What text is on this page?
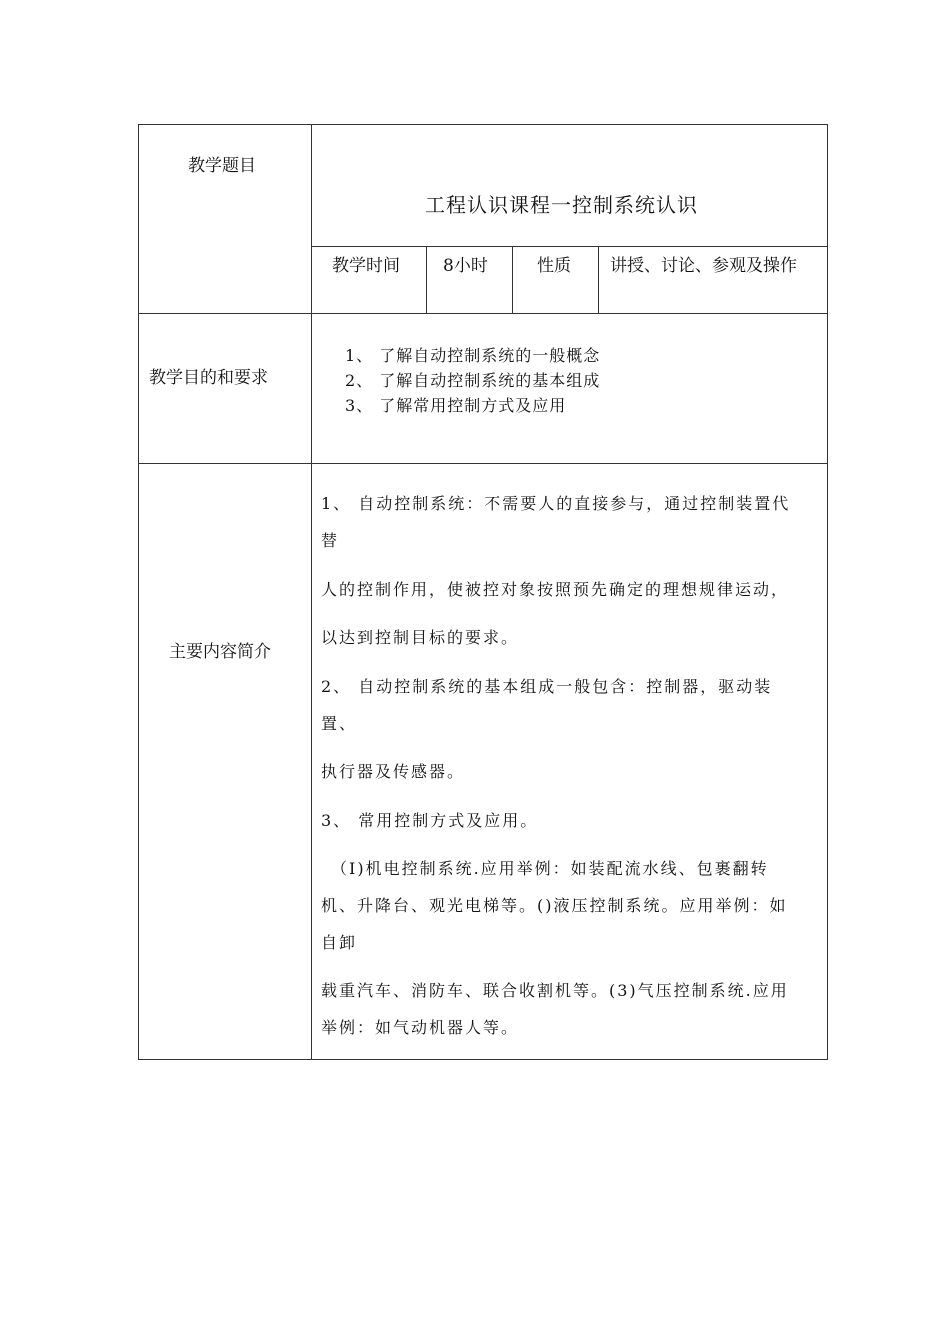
教学题目
工程认识课程一控制系统认识
教学时间	8小时	性质 讲授、讨论、参观及操作
教学目的和要求
1、 了解自动控制系统的一般概念
2、 了解自动控制系统的基本组成
3、 了解常用控制方式及应用
主要内容简介
1、 自动控制系统：不需要人的直接参与，通过控制装置代
替
人的控制作用，使被控对象按照预先确定的理想规律运动，
以达到控制目标的要求。
2、 自动控制系统的基本组成一般包含：控制器，驱动装
置、
执行器及传感器。
3、 常用控制方式及应用。
（I)机电控制系统.应用举例：如装配流水线、包裹翻转
机、升降台、观光电梯等。()液压控制系统。应用举例：如
自卸
载重汽车、消防车、联合收割机等。(3)气压控制系统.应用
举例：如气动机器人等。
